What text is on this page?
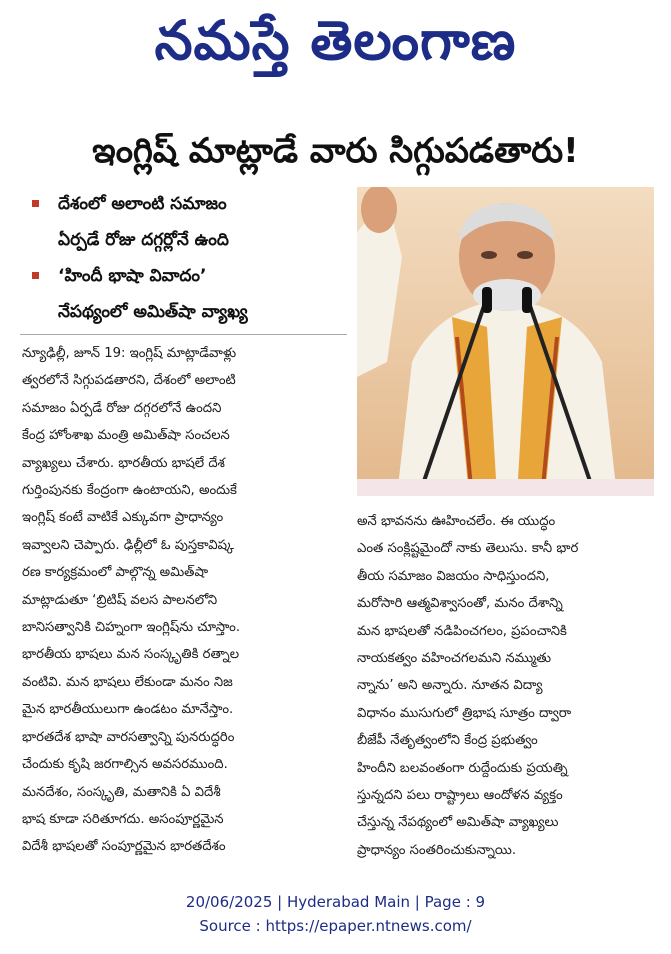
నమస్తే తెలంగాణ
ఇంగ్లిష్‌ మాట్లాడే వారు సిగ్గుపడతారు!
దేశంలో అలాంటి సమాజం
ఏర్పడే రోజు దగ్గర్లోనే ఉంది
‘హిందీ భాషా వివాదం’
నేపథ్యంలో అమిత్‌షా వ్యాఖ్య
న్యూఢిల్లీ, జూన్‌ 19: ఇంగ్లిష్‌ మాట్లాడేవాళ్లు
త్వరలోనే సిగ్గుపడతారని, దేశంలో అలాంటి
సమాజం ఏర్పడే రోజు దగ్గరలోనే ఉందని
కేంద్ర హోంశాఖ మంత్రి అమిత్‌షా సంచలన
వ్యాఖ్యలు చేశారు. భారతీయ భాషలే దేశ
గుర్తింపునకు కేంద్రంగా ఉంటాయని, అందుకే
ఇంగ్లిష్‌ కంటే వాటికే ఎక్కువగా ప్రాధాన్యం
ఇవ్వాలని చెప్పారు. ఢిల్లీలో ఓ పుస్తకావిష్క
రణ కార్యక్రమంలో పాల్గొన్న అమిత్‌షా
మాట్లాడుతూ ‘బ్రిటిష్‌ వలస పాలనలోని
బానిసత్వానికి చిహ్నంగా ఇంగ్లిష్‌ను చూస్తాం.
భారతీయ భాషలు మన సంస్కృతికి రత్నాల
వంటివి. మన భాషలు లేకుండా మనం నిజ
మైన భారతీయులుగా ఉండటం మానేస్తాం.
భారతదేశ భాషా వారసత్వాన్ని పునరుద్ధరిం
చేందుకు కృషి జరగాల్సిన అవసరముంది.
మనదేశం, సంస్కృతి, మతానికి ఏ విదేశీ
భాష కూడా సరితూగదు. అసంపూర్ణమైన
విదేశీ భాషలతో సంపూర్ణమైన భారతదేశం
అనే భావనను ఊహించలేం. ఈ యుద్ధం
ఎంత సంక్లిష్టమైందో నాకు తెలుసు. కానీ భార
తీయ సమాజం విజయం సాధిస్తుందని,
మరోసారి ఆత్మవిశ్వాసంతో, మనం దేశాన్ని
మన భాషలతో నడిపించగలం, ప్రపంచానికి
నాయకత్వం వహించగలమని నమ్ముతు
న్నాను’ అని అన్నారు. నూతన విద్యా
విధానం ముసుగులో త్రిభాష సూత్రం ద్వారా
బీజేపీ నేతృత్వంలోని కేంద్ర ప్రభుత్వం
హిందీని బలవంతంగా రుద్దేందుకు ప్రయత్ని
స్తున్నదని పలు రాష్ట్రాలు ఆందోళన వ్యక్తం
చేస్తున్న నేపథ్యంలో అమిత్‌షా వ్యాఖ్యలు
ప్రాధాన్యం సంతరించుకున్నాయి.
20/06/2025 | Hyderabad Main | Page : 9
Source : https://epaper.ntnews.com/
